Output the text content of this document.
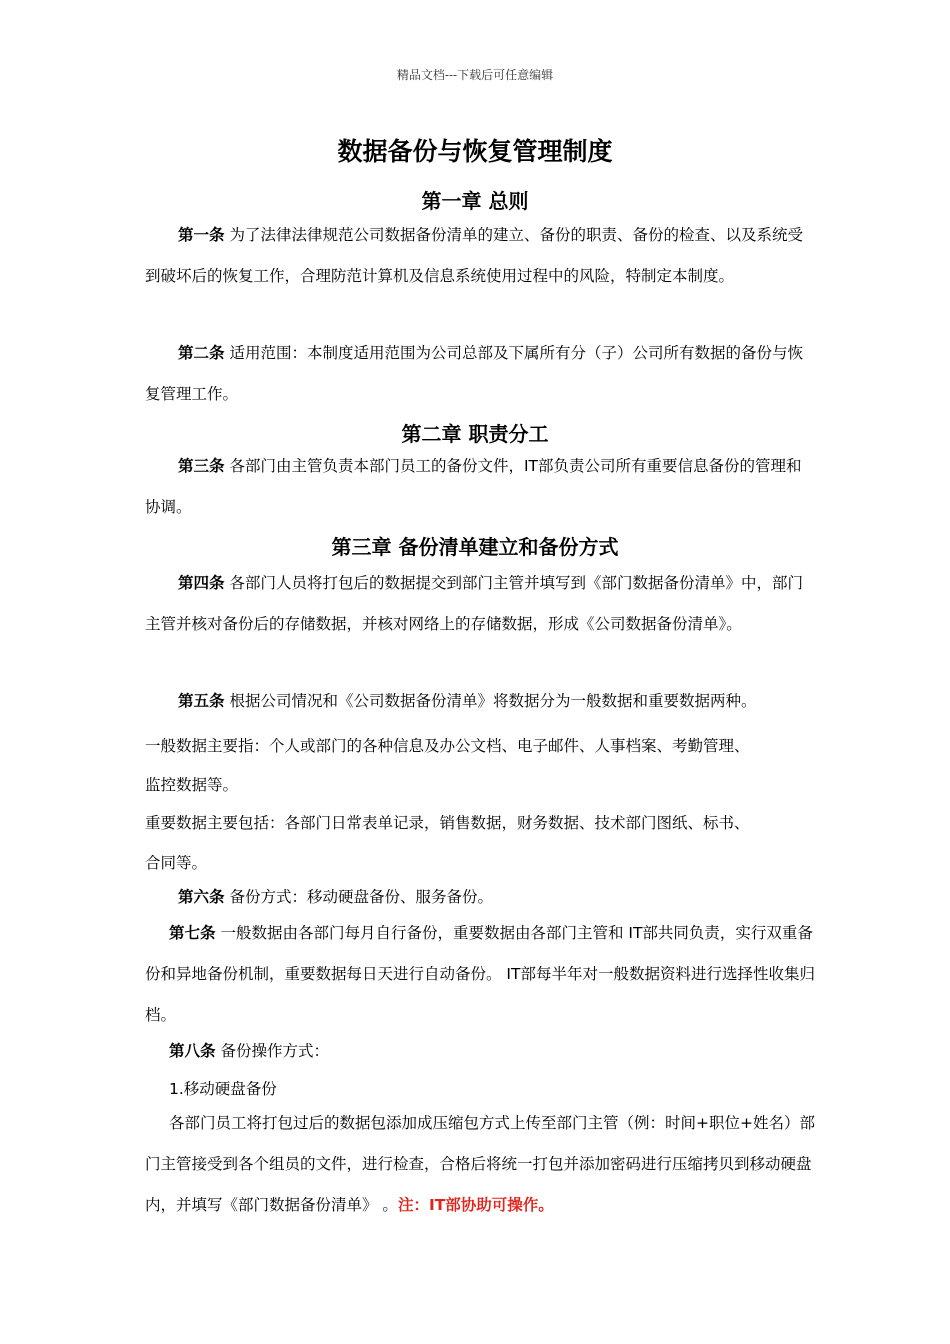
精品文档---下载后可任意编辑
数据备份与恢复管理制度
第一章 总则

第一条 为了法律法律规范公司数据备份清单的建立、备份的职责、备份的检查、以及系统受到破坏后的恢复工作，合理防范计算机及信息系统使用过程中的风险，特制定本制度。

第二条 适用范围：本制度适用范围为公司总部及下属所有分（子）公司所有数据的备份与恢复管理工作。

第二章 职责分工

第三条 各部门由主管负责本部门员工的备份文件，IT部负责公司所有重要信息备份的管理和协调。

第三章 备份清单建立和备份方式

第四条 各部门人员将打包后的数据提交到部门主管并填写到《部门数据备份清单》中，部门主管并核对备份后的存储数据，并核对网络上的存储数据，形成《公司数据备份清单》。

第五条 根据公司情况和《公司数据备份清单》将数据分为一般数据和重要数据两种。

一般数据主要指：个人或部门的各种信息及办公文档、电子邮件、人事档案、考勤管理、

监控数据等。

重要数据主要包括：各部门日常表单记录，销售数据，财务数据、技术部门图纸、标书、

合同等。

第六条 备份方式：移动硬盘备份、服务备份。

第七条 一般数据由各部门每月自行备份，重要数据由各部门主管和 IT部共同负责，实行双重备份和异地备份机制，重要数据每日天进行自动备份。 IT部每半年对一般数据资料进行选择性收集归档。

第八条 备份操作方式：

1.移动硬盘备份

各部门员工将打包过后的数据包添加成压缩包方式上传至部门主管（例：时间+职位+姓名）部门主管接受到各个组员的文件，进行检查，合格后将统一打包并添加密码进行压缩拷贝到移动硬盘内，并填写《部门数据备份清单》 。注：IT部协助可操作。
